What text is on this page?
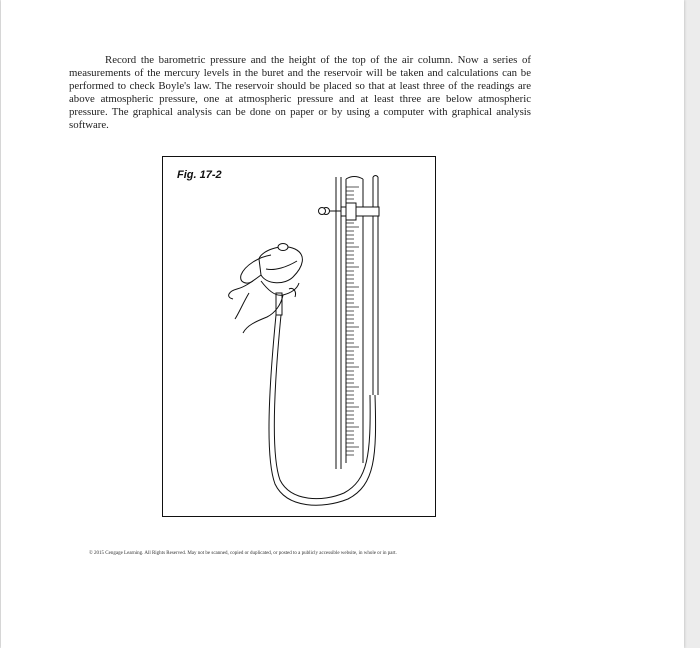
Record the barometric pressure and the height of the top of the air column. Now a series of measurements of the mercury levels in the buret and the reservoir will be taken and calculations can be performed to check Boyle's law. The reservoir should be placed so that at least three of the readings are above atmospheric pressure, one at atmospheric pressure and at least three are below atmospheric pressure. The graphical analysis can be done on paper or by using a computer with graphical analysis software.

Fig. 17-2

© 2015 Cengage Learning. All Rights Reserved. May not be scanned, copied or duplicated, or posted to a publicly accessible website, in whole or in part.
